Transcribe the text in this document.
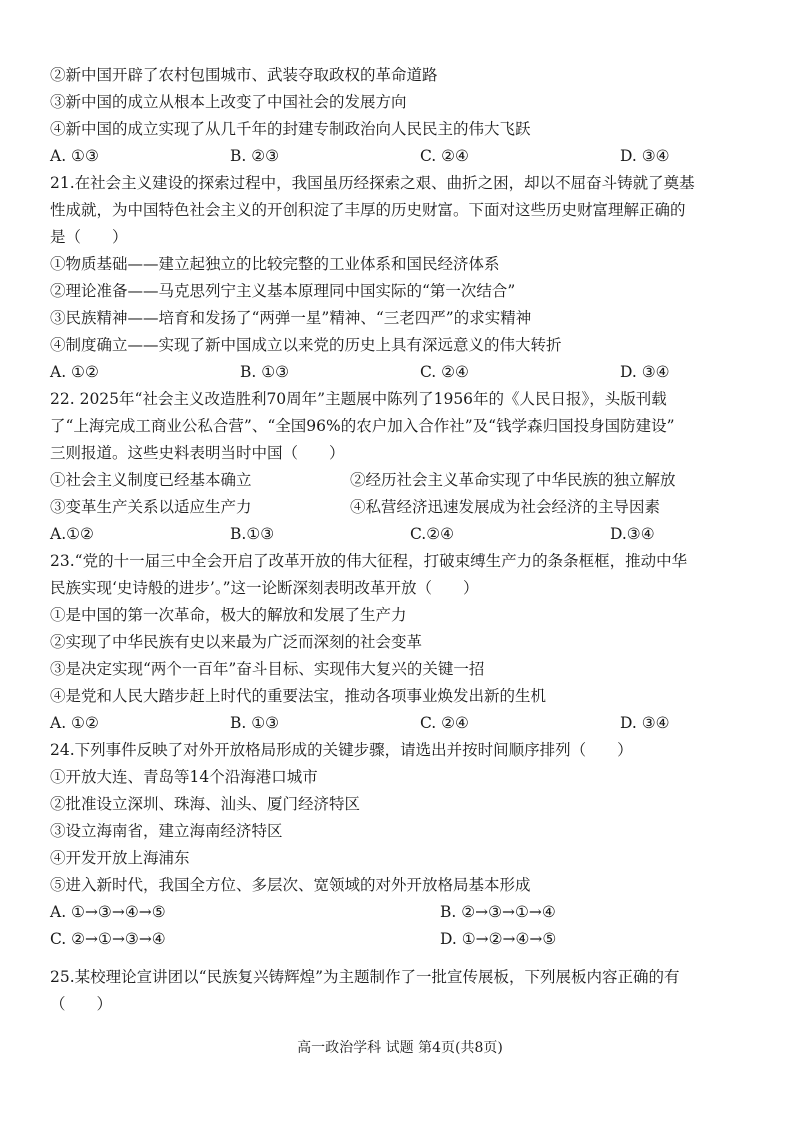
②新中国开辟了农村包围城市、武装夺取政权的革命道路
③新中国的成立从根本上改变了中国社会的发展方向
④新中国的成立实现了从几千年的封建专制政治向人民民主的伟大飞跃
A. ①③	B. ②③	C. ②④	D. ③④
21.在社会主义建设的探索过程中，我国虽历经探索之艰、曲折之困，却以不屈奋斗铸就了奠基
性成就，为中国特色社会主义的开创积淀了丰厚的历史财富。下面对这些历史财富理解正确的
是（　　）
①物质基础——建立起独立的比较完整的工业体系和国民经济体系
②理论准备——马克思列宁主义基本原理同中国实际的“第一次结合”
③民族精神——培育和发扬了“两弹一星”精神、“三老四严”的求实精神
④制度确立——实现了新中国成立以来党的历史上具有深远意义的伟大转折
A. ①②	B. ①③	C. ②④	D. ③④
22. 2025年“社会主义改造胜利70周年”主题展中陈列了1956年的《人民日报》，头版刊载
了“上海完成工商业公私合营”、“全国96%的农户加入合作社”及“钱学森归国投身国防建设”
三则报道。这些史料表明当时中国（　　）
①社会主义制度已经基本确立	②经历社会主义革命实现了中华民族的独立解放
③变革生产关系以适应生产力	④私营经济迅速发展成为社会经济的主导因素
A.①②	B.①③	C.②④	D.③④
23.“党的十一届三中全会开启了改革开放的伟大征程，打破束缚生产力的条条框框，推动中华
民族实现‘史诗般的进步’。”这一论断深刻表明改革开放（　　）
①是中国的第一次革命，极大的解放和发展了生产力
②实现了中华民族有史以来最为广泛而深刻的社会变革
③是决定实现“两个一百年”奋斗目标、实现伟大复兴的关键一招
④是党和人民大踏步赶上时代的重要法宝，推动各项事业焕发出新的生机
A. ①②	B. ①③	C. ②④	D. ③④
24.下列事件反映了对外开放格局形成的关键步骤，请选出并按时间顺序排列（　　）
①开放大连、青岛等14个沿海港口城市
②批准设立深圳、珠海、汕头、厦门经济特区
③设立海南省，建立海南经济特区
④开发开放上海浦东
⑤进入新时代，我国全方位、多层次、宽领域的对外开放格局基本形成
A. ①→③→④→⑤	B. ②→③→①→④
C. ②→①→③→④	D. ①→②→④→⑤
25.某校理论宣讲团以“民族复兴铸辉煌”为主题制作了一批宣传展板，下列展板内容正确的有
（　　）
高一政治学科 试题 第4页(共8页)
